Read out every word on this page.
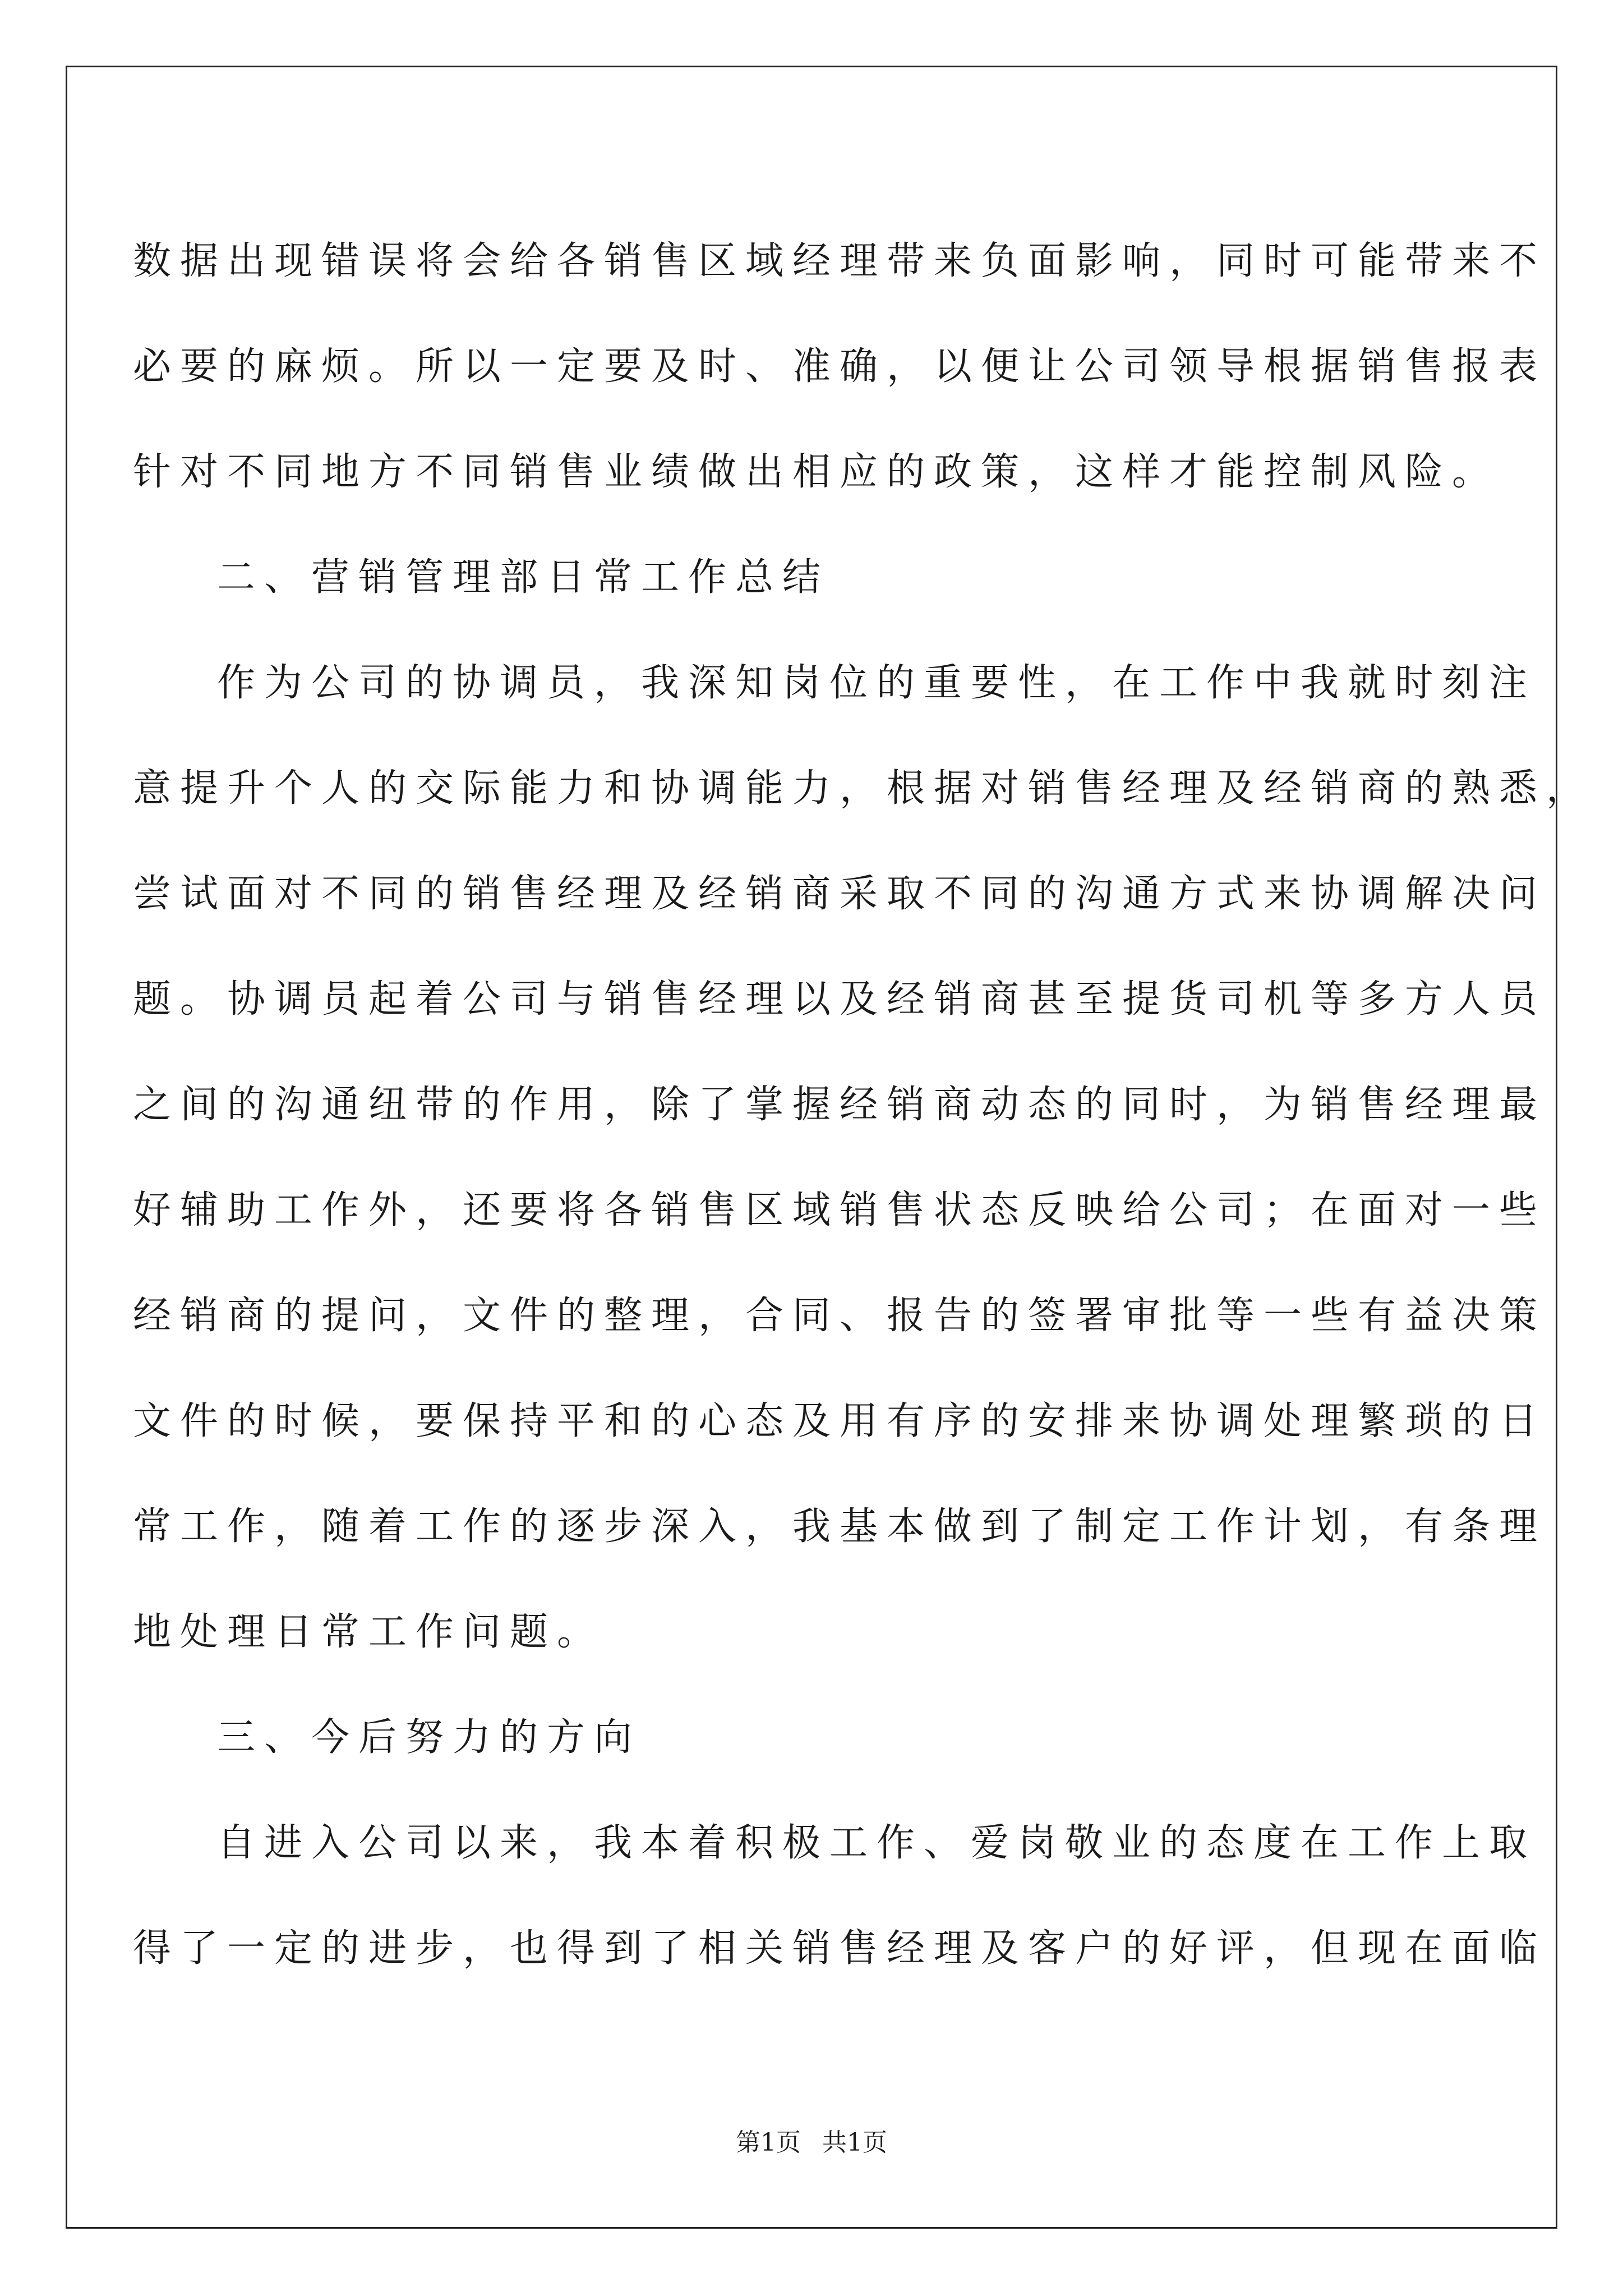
数据出现错误将会给各销售区域经理带来负面影响，同时可能带来不
必要的麻烦。所以一定要及时、准确，以便让公司领导根据销售报表
针对不同地方不同销售业绩做出相应的政策，这样才能控制风险。
二、营销管理部日常工作总结
作为公司的协调员，我深知岗位的重要性，在工作中我就时刻注
意提升个人的交际能力和协调能力，根据对销售经理及经销商的熟悉，
尝试面对不同的销售经理及经销商采取不同的沟通方式来协调解决问
题。协调员起着公司与销售经理以及经销商甚至提货司机等多方人员
之间的沟通纽带的作用，除了掌握经销商动态的同时，为销售经理最
好辅助工作外，还要将各销售区域销售状态反映给公司；在面对一些
经销商的提问，文件的整理，合同、报告的签署审批等一些有益决策
文件的时候，要保持平和的心态及用有序的安排来协调处理繁琐的日
常工作，随着工作的逐步深入，我基本做到了制定工作计划，有条理
地处理日常工作问题。
三、今后努力的方向
自进入公司以来，我本着积极工作、爱岗敬业的态度在工作上取
得了一定的进步，也得到了相关销售经理及客户的好评，但现在面临
第1页 共1页
